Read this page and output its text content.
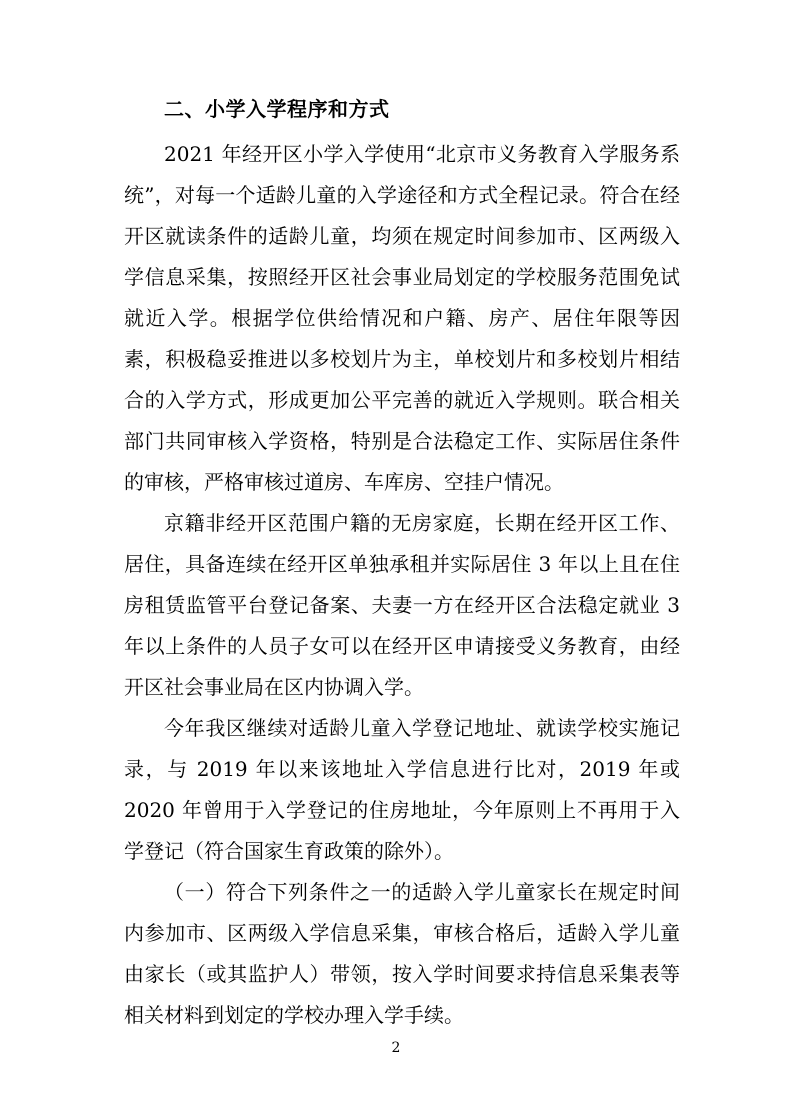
二、小学入学程序和方式

2021 年经开区小学入学使用“北京市义务教育入学服务系统”，对每一个适龄儿童的入学途径和方式全程记录。符合在经开区就读条件的适龄儿童，均须在规定时间参加市、区两级入学信息采集，按照经开区社会事业局划定的学校服务范围免试就近入学。根据学位供给情况和户籍、房产、居住年限等因素，积极稳妥推进以多校划片为主，单校划片和多校划片相结合的入学方式，形成更加公平完善的就近入学规则。联合相关部门共同审核入学资格，特别是合法稳定工作、实际居住条件的审核，严格审核过道房、车库房、空挂户情况。

京籍非经开区范围户籍的无房家庭，长期在经开区工作、居住，具备连续在经开区单独承租并实际居住 3 年以上且在住房租赁监管平台登记备案、夫妻一方在经开区合法稳定就业 3 年以上条件的人员子女可以在经开区申请接受义务教育，由经开区社会事业局在区内协调入学。

今年我区继续对适龄儿童入学登记地址、就读学校实施记录，与 2019 年以来该地址入学信息进行比对，2019 年或 2020 年曾用于入学登记的住房地址，今年原则上不再用于入学登记（符合国家生育政策的除外）。

（一）符合下列条件之一的适龄入学儿童家长在规定时间内参加市、区两级入学信息采集，审核合格后，适龄入学儿童由家长（或其监护人）带领，按入学时间要求持信息采集表等相关材料到划定的学校办理入学手续。

2
